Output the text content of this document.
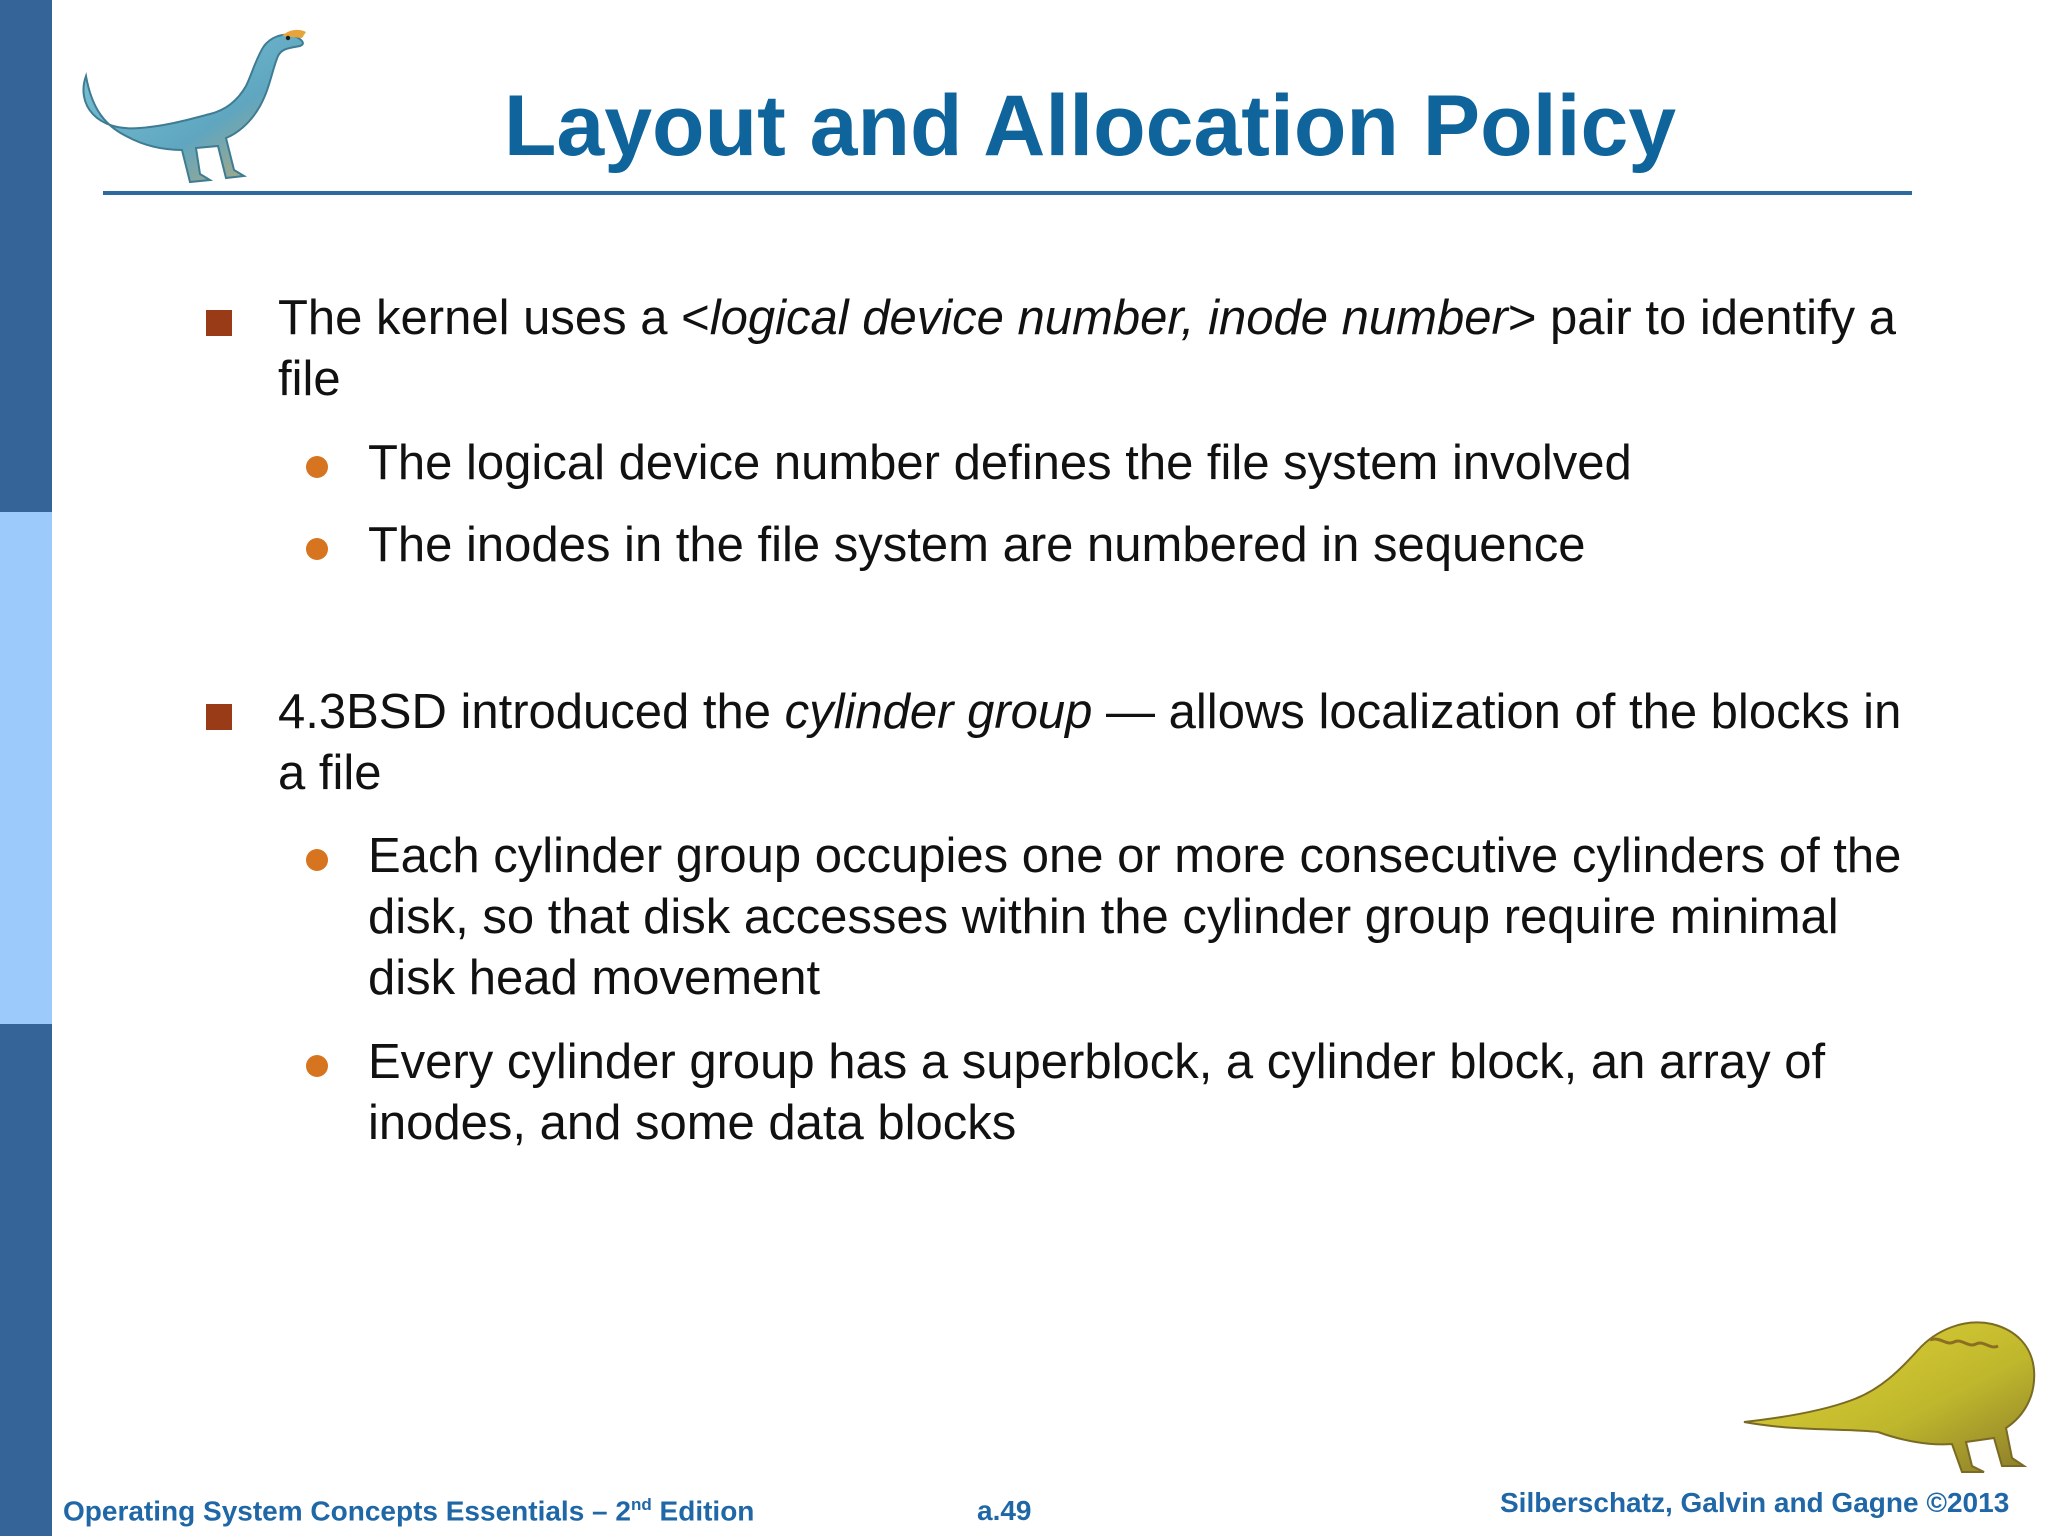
Layout and Allocation Policy
The kernel uses a <logical device number, inode number> pair to identify a file
The logical device number defines the file system involved
The inodes in the file system are numbered in sequence
4.3BSD introduced the cylinder group — allows localization of the blocks in a file
Each cylinder group occupies one or more consecutive cylinders of the disk, so that disk accesses within the cylinder group require minimal disk head movement
Every cylinder group has a superblock, a cylinder block, an array of inodes, and some data blocks
Operating System Concepts Essentials – 2nd Edition	a.49	Silberschatz, Galvin and Gagne ©2013
